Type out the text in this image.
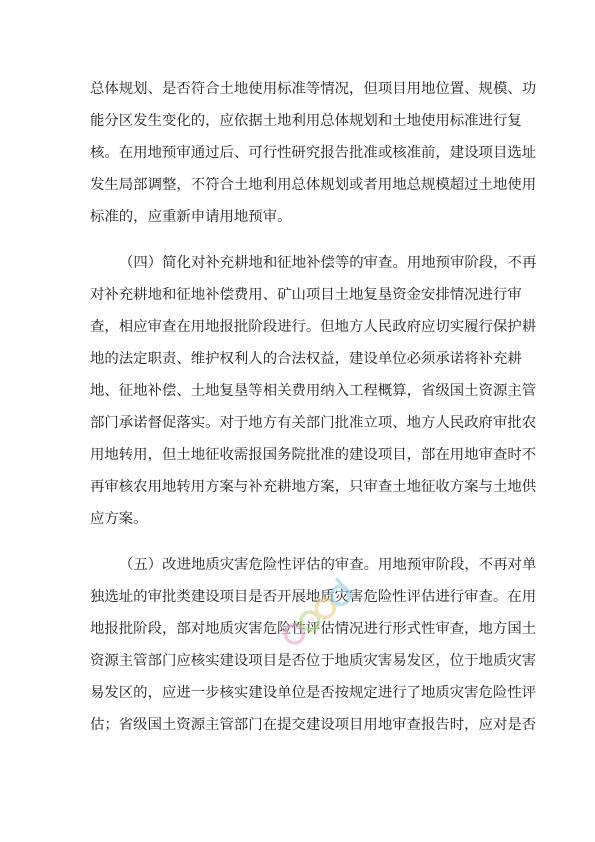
总体规划、是否符合土地使用标准等情况，但项目用地位置、规模、功

能分区发生变化的，应依据土地利用总体规划和土地使用标准进行复

核。在用地预审通过后、可行性研究报告批准或核准前，建设项目选址

发生局部调整，不符合土地利用总体规划或者用地总规模超过土地使用

标准的，应重新申请用地预审。

（四）简化对补充耕地和征地补偿等的审查。用地预审阶段，不再

对补充耕地和征地补偿费用、矿山项目土地复垦资金安排情况进行审

查，相应审查在用地报批阶段进行。但地方人民政府应切实履行保护耕

地的法定职责、维护权利人的合法权益，建设单位必须承诺将补充耕

地、征地补偿、土地复垦等相关费用纳入工程概算，省级国土资源主管

部门承诺督促落实。对于地方有关部门批准立项、地方人民政府审批农

用地转用，但土地征收需报国务院批准的建设项目，部在用地审查时不

再审核农用地转用方案与补充耕地方案，只审查土地征收方案与土地供

应方案。

（五）改进地质灾害危险性评估的审查。用地预审阶段，不再对单

独选址的审批类建设项目是否开展地质灾害危险性评估进行审查。在用

地报批阶段，部对地质灾害危险性评估情况进行形式性审查，地方国土

资源主管部门应核实建设项目是否位于地质灾害易发区，位于地质灾害

易发区的，应进一步核实建设单位是否按规定进行了地质灾害危险性评

估；省级国土资源主管部门在提交建设项目用地审查报告时，应对是否
